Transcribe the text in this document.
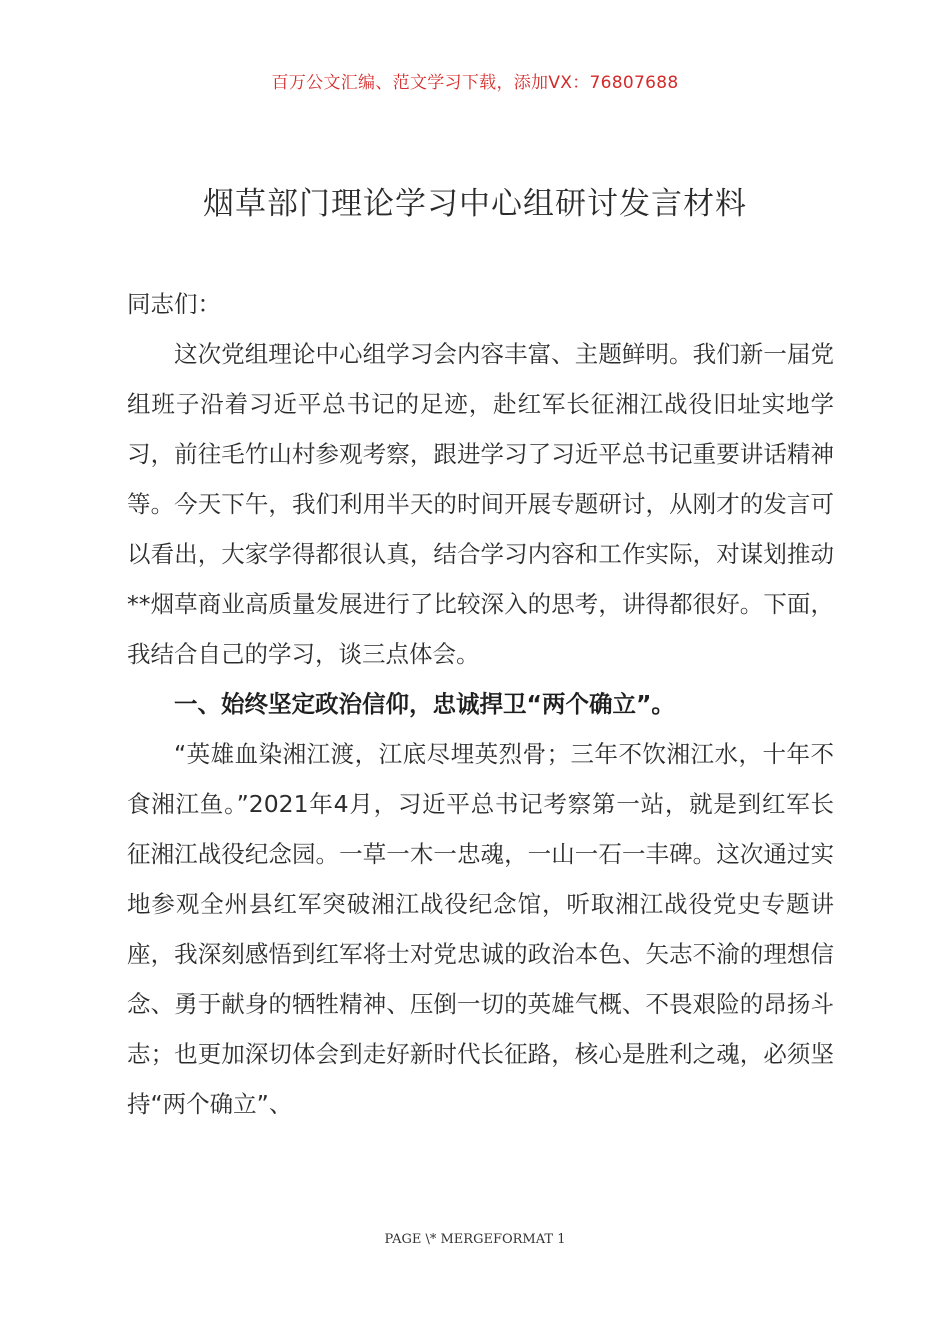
百万公文汇编、范文学习下载，添加VX：76807688
烟草部门理论学习中心组研讨发言材料

同志们：

这次党组理论中心组学习会内容丰富、主题鲜明。我们新一届党组班子沿着习近平总书记的足迹，赴红军长征湘江战役旧址实地学习，前往毛竹山村参观考察，跟进学习了习近平总书记重要讲话精神等。今天下午，我们利用半天的时间开展专题研讨，从刚才的发言可以看出，大家学得都很认真，结合学习内容和工作实际，对谋划推动**烟草商业高质量发展进行了比较深入的思考，讲得都很好。下面，我结合自己的学习，谈三点体会。

一、始终坚定政治信仰，忠诚捍卫“两个确立”。

“英雄血染湘江渡，江底尽埋英烈骨；三年不饮湘江水，十年不食湘江鱼。”2021年4月，习近平总书记考察第一站，就是到红军长征湘江战役纪念园。一草一木一忠魂，一山一石一丰碑。这次通过实地参观全州县红军突破湘江战役纪念馆，听取湘江战役党史专题讲座，我深刻感悟到红军将士对党忠诚的政治本色、矢志不渝的理想信念、勇于献身的牺牲精神、压倒一切的英雄气概、不畏艰险的昂扬斗志；也更加深切体会到走好新时代长征路，核心是胜利之魂，必须坚持“两个确立”、

PAGE \* MERGEFORMAT 1
